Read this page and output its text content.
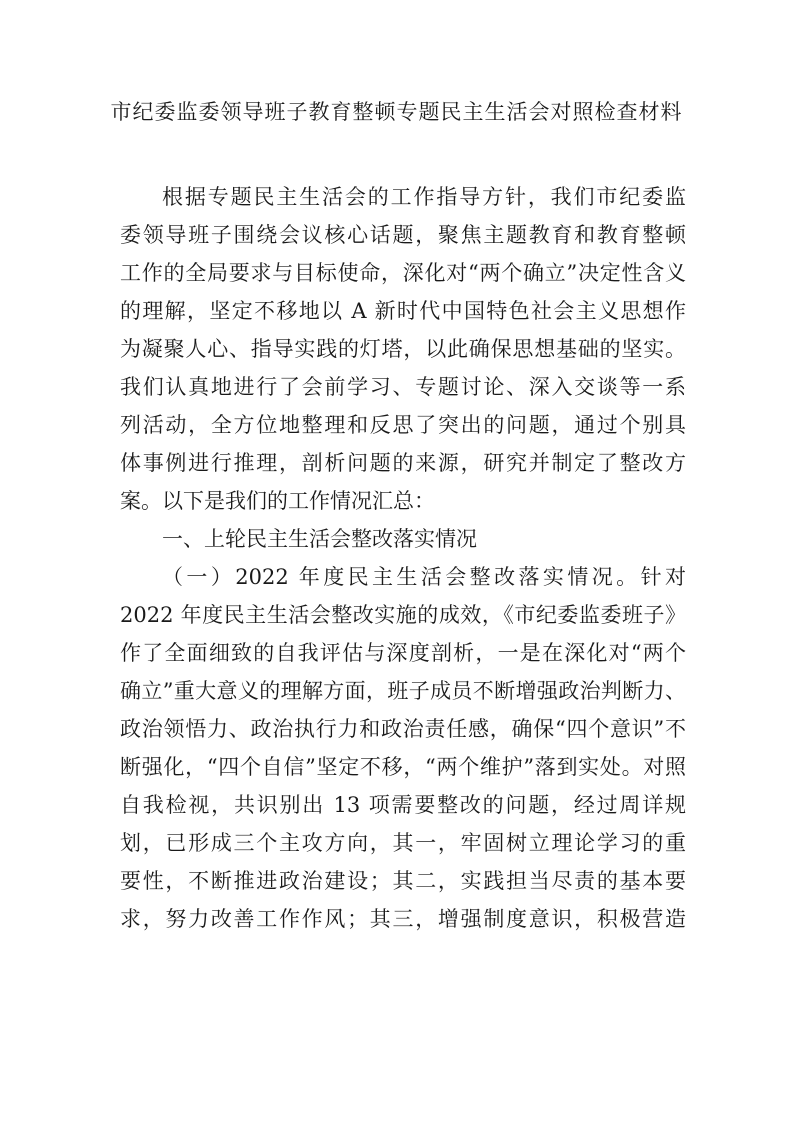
市纪委监委领导班子教育整顿专题民主生活会对照检查材料
根据专题民主生活会的工作指导方针，我们市纪委监
委领导班子围绕会议核心话题，聚焦主题教育和教育整顿
工作的全局要求与目标使命，深化对“两个确立”决定性含义
的理解，坚定不移地以 A 新时代中国特色社会主义思想作
为凝聚人心、指导实践的灯塔，以此确保思想基础的坚实。
我们认真地进行了会前学习、专题讨论、深入交谈等一系
列活动，全方位地整理和反思了突出的问题，通过个别具
体事例进行推理，剖析问题的来源，研究并制定了整改方
案。以下是我们的工作情况汇总：
一、上轮民主生活会整改落实情况
（一）2022 年度民主生活会整改落实情况。针对
2022 年度民主生活会整改实施的成效，《市纪委监委班子》
作了全面细致的自我评估与深度剖析，一是在深化对“两个
确立”重大意义的理解方面，班子成员不断增强政治判断力、
政治领悟力、政治执行力和政治责任感，确保“四个意识”不
断强化，“四个自信”坚定不移，“两个维护”落到实处。对照
自我检视，共识别出 13 项需要整改的问题，经过周详规
划，已形成三个主攻方向，其一，牢固树立理论学习的重
要性，不断推进政治建设；其二，实践担当尽责的基本要
求，努力改善工作作风；其三，增强制度意识，积极营造
